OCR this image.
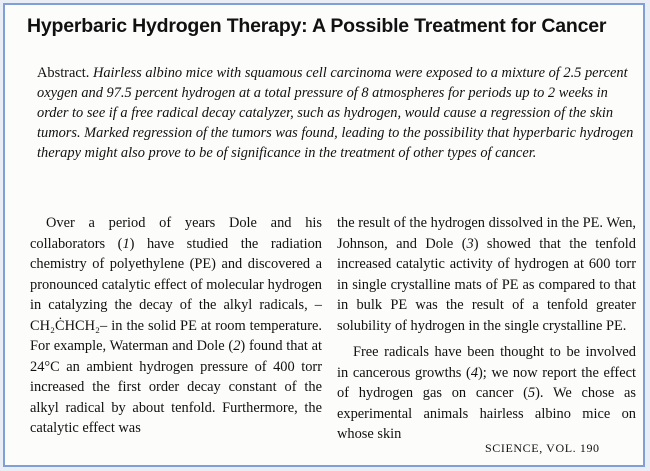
Hyperbaric Hydrogen Therapy: A Possible Treatment for Cancer
Abstract. Hairless albino mice with squamous cell carcinoma were exposed to a mixture of 2.5 percent oxygen and 97.5 percent hydrogen at a total pressure of 8 atmospheres for periods up to 2 weeks in order to see if a free radical decay catalyzer, such as hydrogen, would cause a regression of the skin tumors. Marked regression of the tumors was found, leading to the possibility that hyperbaric hydrogen therapy might also prove to be of significance in the treatment of other types of cancer.

Over a period of years Dole and his collaborators (1) have studied the radiation chemistry of polyethylene (PE) and discovered a pronounced catalytic effect of molecular hydrogen in catalyzing the decay of the alkyl radicals, –CH₂ĊHCH₂– in the solid PE at room temperature. For example, Waterman and Dole (2) found that at 24°C an ambient hydrogen pressure of 400 torr increased the first order decay constant of the alkyl radical by about tenfold. Furthermore, the catalytic effect was

the result of the hydrogen dissolved in the PE. Wen, Johnson, and Dole (3) showed that the tenfold increased catalytic activity of hydrogen at 600 torr in single crystalline mats of PE as compared to that in bulk PE was the result of a tenfold greater solubility of hydrogen in the single crystalline PE.

Free radicals have been thought to be involved in cancerous growths (4); we now report the effect of hydrogen gas on cancer (5). We chose as experimental animals hairless albino mice on whose skin

SCIENCE, VOL. 190
